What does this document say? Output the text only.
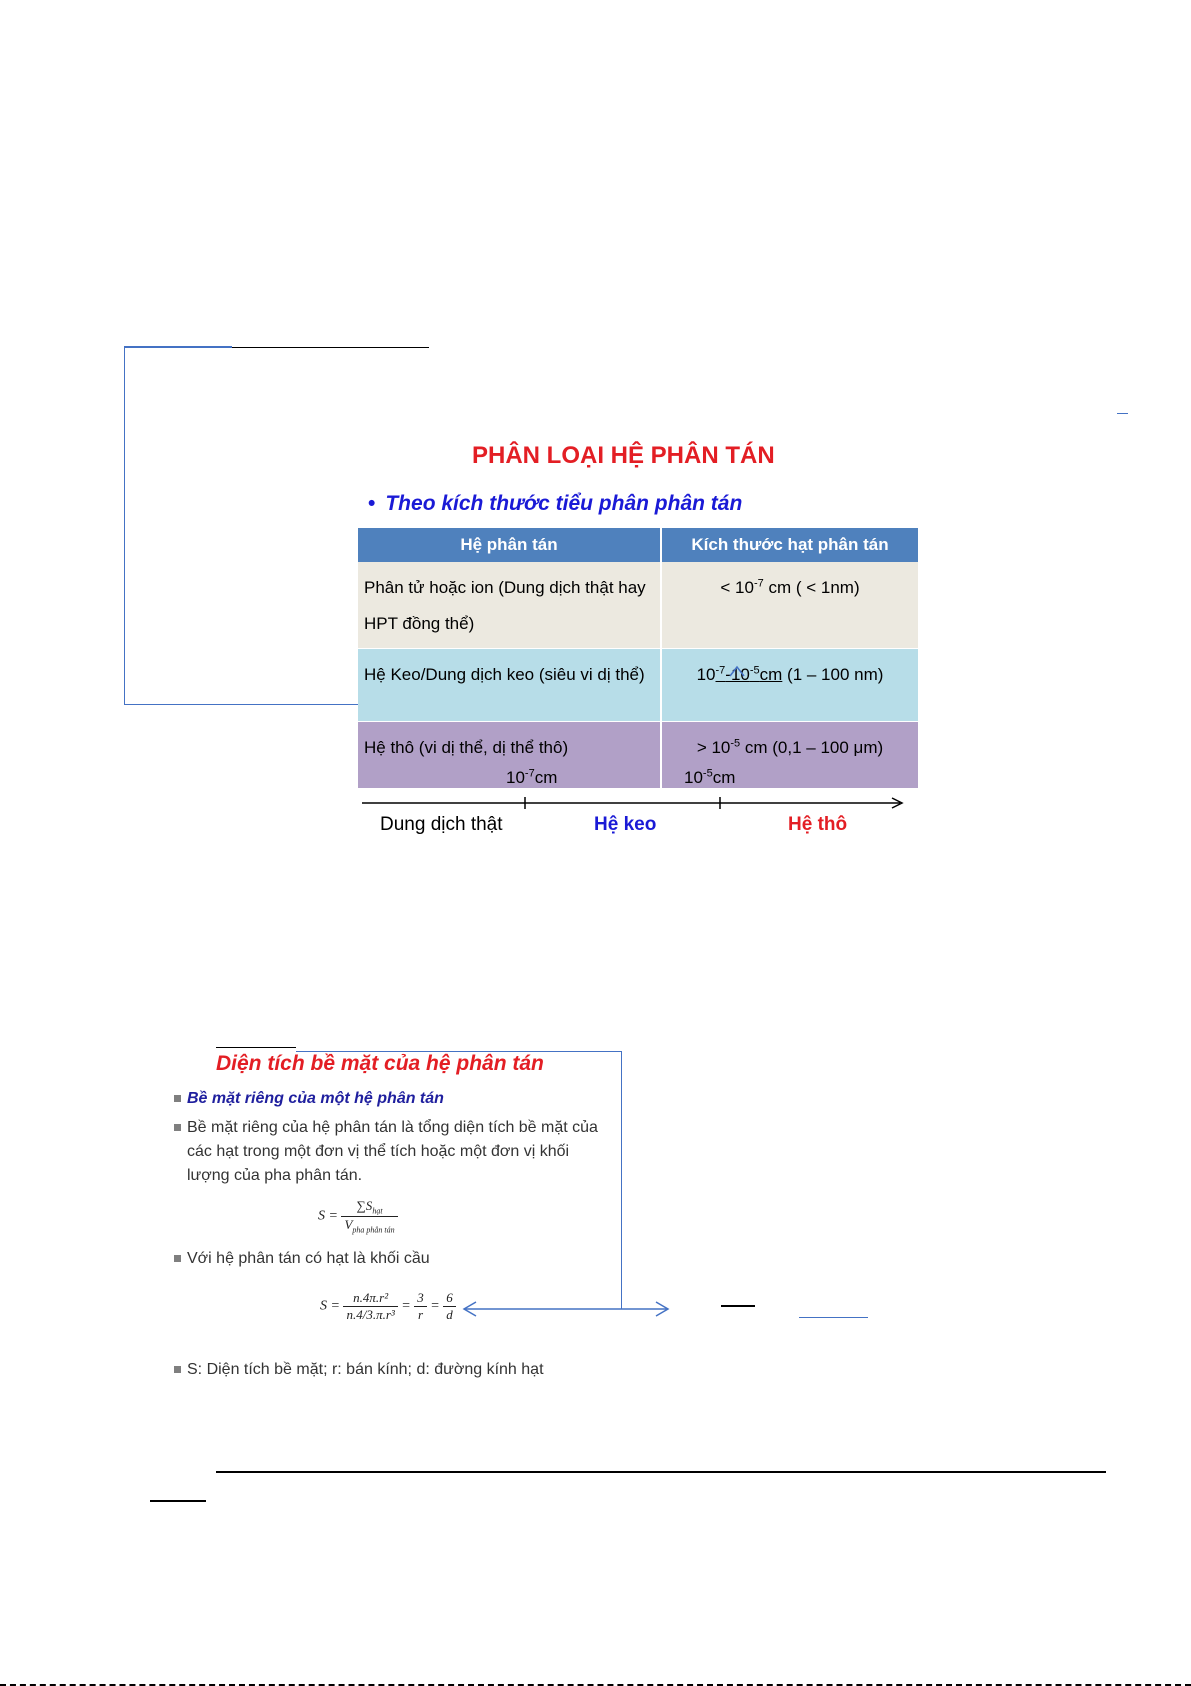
PHÂN LOẠI HỆ PHÂN TÁN
• Theo kích thước tiểu phân phân tán
Hệ phân tán	Kích thước hạt phân tán
Phân tử hoặc ion (Dung dịch thật hay HPT đồng thể)	< $10^{-7}$ cm ( < 1nm)
Hệ Keo/Dung dịch keo (siêu vi dị thể)	$10^{-7}-10^{-5}cm$ (1 – 100 nm)
Hệ thô (vi dị thể, dị thể thô)	> $10^{-5}$ cm (0,1 – 100 μm)
$10^{-7}cm$	$10^{-5}cm$
Dung dịch thật	Hệ keo	Hệ thô
Diện tích bề mặt của hệ phân tán
Bề mặt riêng của một hệ phân tán
Bề mặt riêng của hệ phân tán là tổng diện tích bề mặt của các hạt trong một đơn vị thể tích hoặc một đơn vị khối lượng của pha phân tán.
$S = \frac{\sum S_{hạt}}{V_{pha phân tán}}$
Với hệ phân tán có hạt là khối cầu
$S = \frac{\text{n.4π.r²}}{\text{n.4/3.π.r³}} = \frac{3}{r} = \frac{6}{d}$
S: Diện tích bề mặt; r: bán kính; d: đường kính hạt
